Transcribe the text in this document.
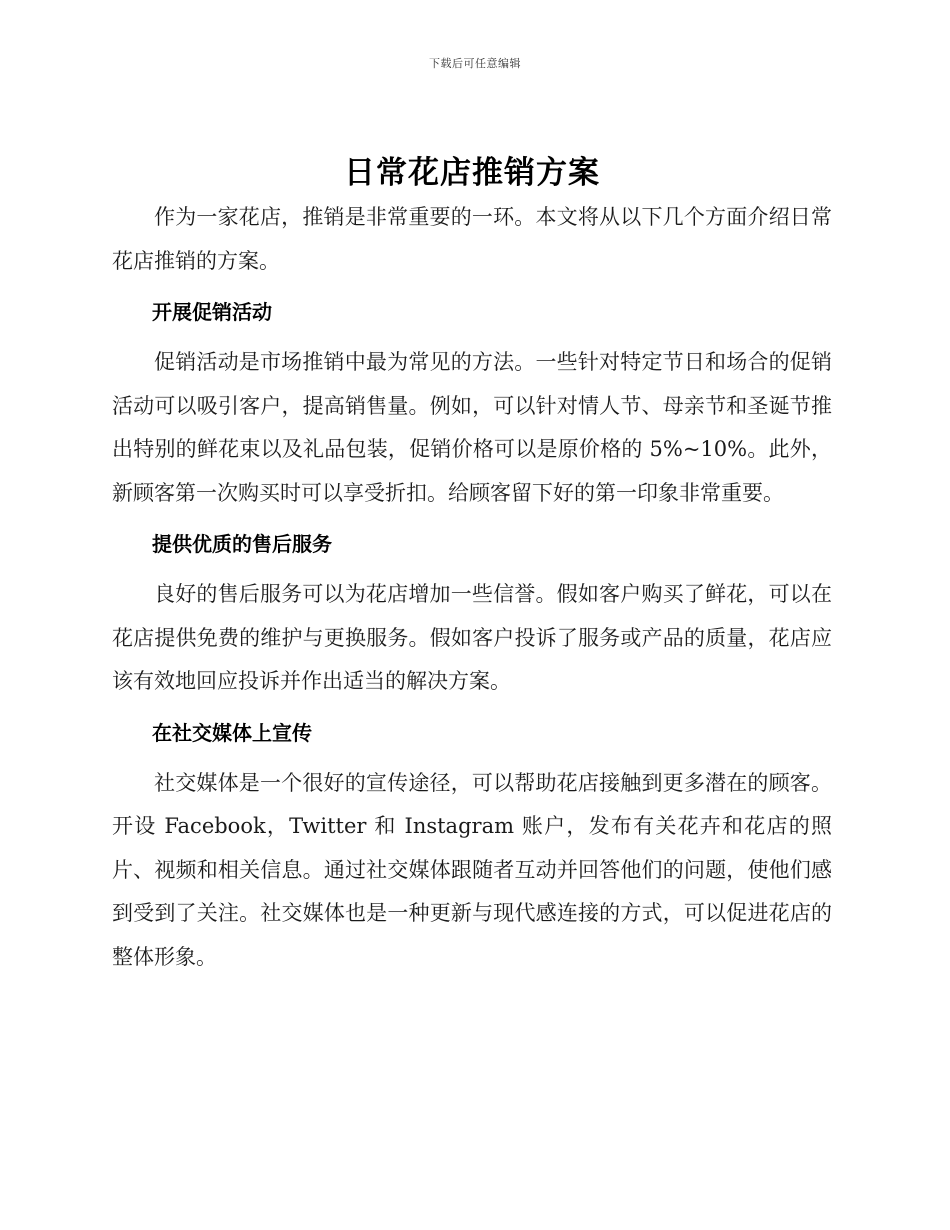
下载后可任意编辑
日常花店推销方案

作为一家花店，推销是非常重要的一环。本文将从以下几个方面介绍日常花店推销的方案。

开展促销活动

促销活动是市场推销中最为常见的方法。一些针对特定节日和场合的促销活动可以吸引客户，提高销售量。例如，可以针对情人节、母亲节和圣诞节推出特别的鲜花束以及礼品包装，促销价格可以是原价格的 5%~10%。此外，新顾客第一次购买时可以享受折扣。给顾客留下好的第一印象非常重要。

提供优质的售后服务

良好的售后服务可以为花店增加一些信誉。假如客户购买了鲜花，可以在花店提供免费的维护与更换服务。假如客户投诉了服务或产品的质量，花店应该有效地回应投诉并作出适当的解决方案。

在社交媒体上宣传

社交媒体是一个很好的宣传途径，可以帮助花店接触到更多潜在的顾客。开设 Facebook，Twitter 和 Instagram 账户，发布有关花卉和花店的照片、视频和相关信息。通过社交媒体跟随者互动并回答他们的问题，使他们感到受到了关注。社交媒体也是一种更新与现代感连接的方式，可以促进花店的整体形象。
